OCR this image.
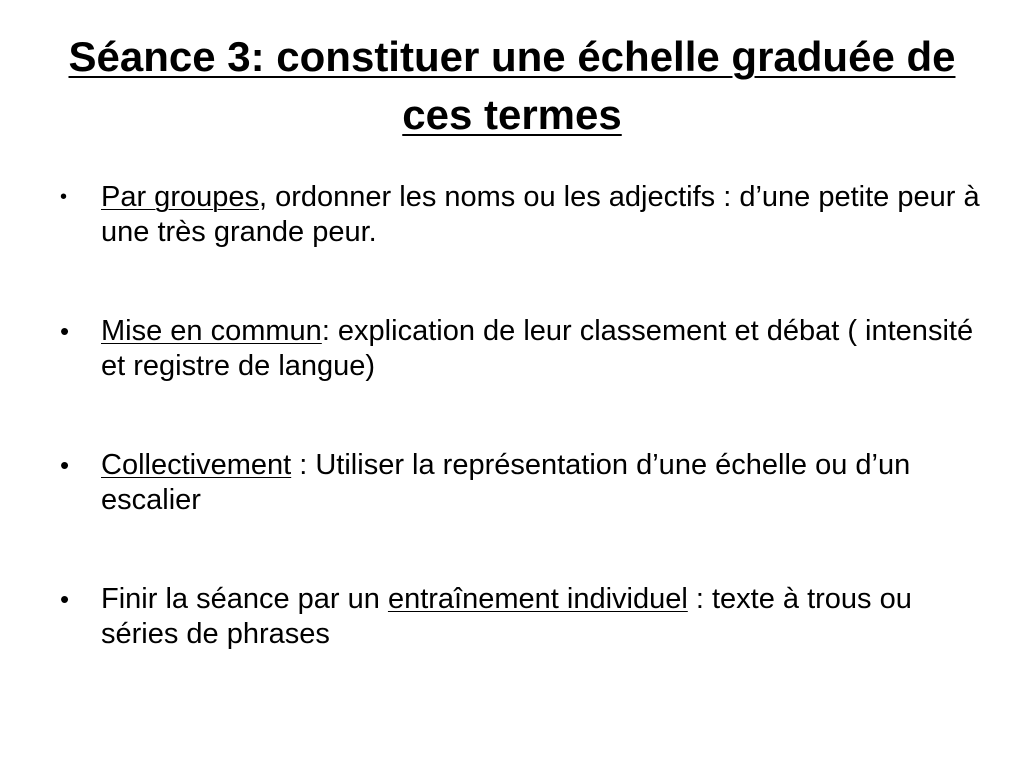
Séance 3: constituer une échelle graduée de ces termes
• Par groupes, ordonner les noms ou les adjectifs : d’une petite peur à une très grande peur.
• Mise en commun: explication de leur classement et débat ( intensité et registre de langue)
• Collectivement : Utiliser la représentation d’une échelle ou d’un escalier
• Finir la séance par un entraînement individuel : texte à trous ou séries de phrases
